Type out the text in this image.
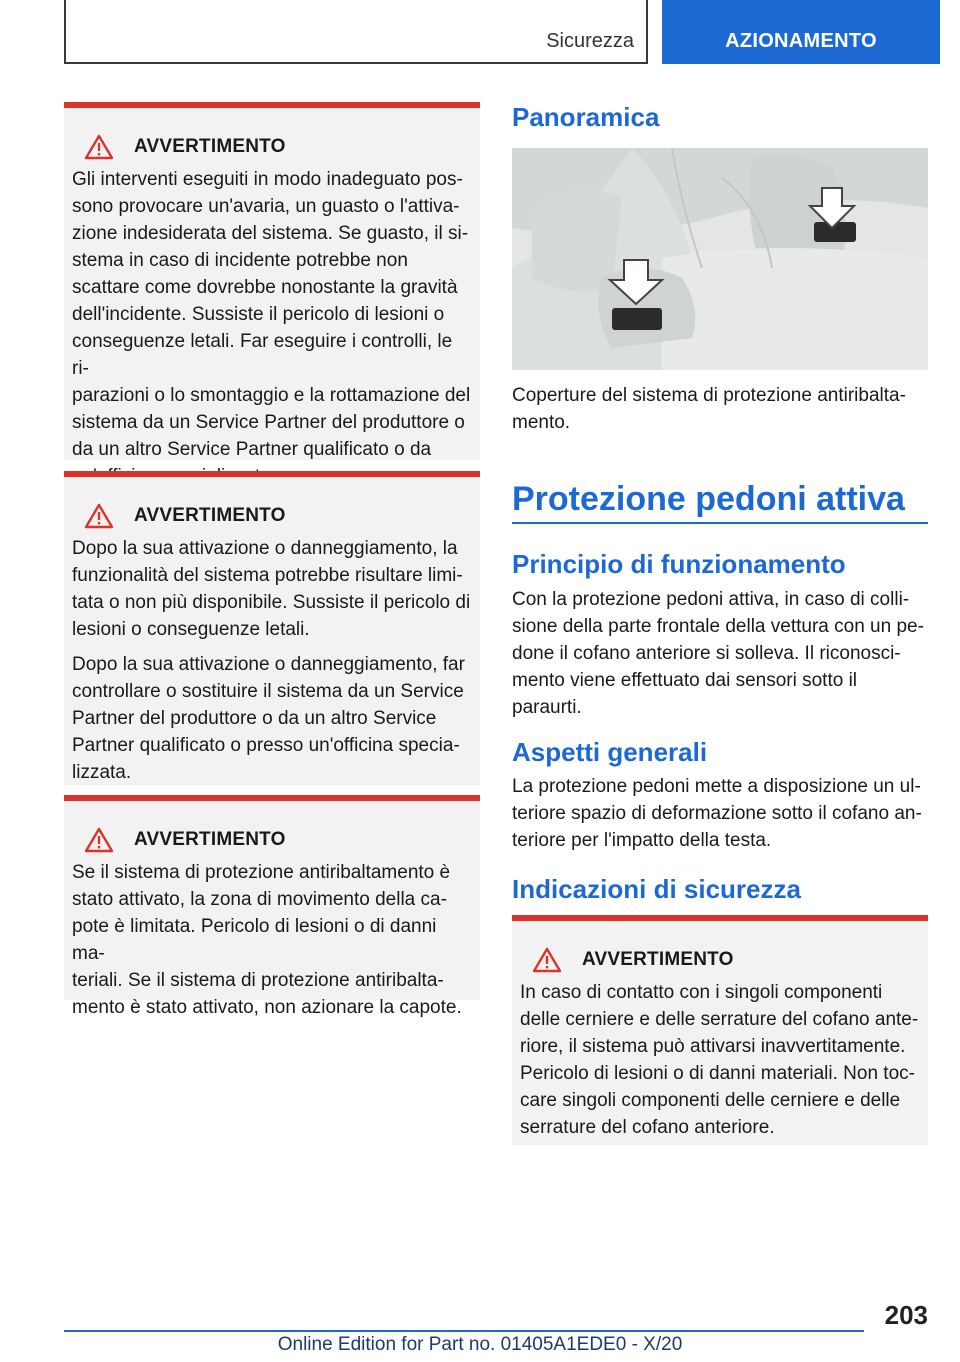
Sicurezza	AZIONAMENTO
AVVERTIMENTO

Gli interventi eseguiti in modo inadeguato pos-
sono provocare un'avaria, un guasto o l'attiva-
zione indesiderata del sistema. Se guasto, il si-
stema in caso di incidente potrebbe non
scattare come dovrebbe nonostante la gravità
dell'incidente. Sussiste il pericolo di lesioni o
conseguenze letali. Far eseguire i controlli, le ri-
parazioni o lo smontaggio e la rottamazione del
sistema da un Service Partner del produttore o
da un altro Service Partner qualificato o da

AVVERTIMENTO

Dopo la sua attivazione o danneggiamento, la
funzionalità del sistema potrebbe risultare limi-
tata o non più disponibile. Sussiste il pericolo di
lesioni o conseguenze letali.

Dopo la sua attivazione o danneggiamento, far
controllare o sostituire il sistema da un Service
Partner del produttore o da un altro Service
Partner qualificato o presso un'officina specia-
lizzata.

AVVERTIMENTO

Se il sistema di protezione antiribaltamento è
stato attivato, la zona di movimento della ca-
pote è limitata. Pericolo di lesioni o di danni ma-
teriali. Se il sistema di protezione antiribalta-
mento è stato attivato, non azionare la capote.

Panoramica

Coperture del sistema di protezione antiribalta-
mento.

Protezione pedoni attiva
Principio di funzionamento

Con la protezione pedoni attiva, in caso di colli-
sione della parte frontale della vettura con un pe-
done il cofano anteriore si solleva. Il riconosci-
mento viene effettuato dai sensori sotto il
paraurti.

Aspetti generali

La protezione pedoni mette a disposizione un ul-
teriore spazio di deformazione sotto il cofano an-
teriore per l'impatto della testa.

Indicazioni di sicurezza
AVVERTIMENTO

In caso di contatto con i singoli componenti
delle cerniere e delle serrature del cofano ante-
riore, il sistema può attivarsi inavvertitamente.
Pericolo di lesioni o di danni materiali. Non toc-
care singoli componenti delle cerniere e delle
serrature del cofano anteriore.

203
Online Edition for Part no. 01405A1EDE0 - X/20
